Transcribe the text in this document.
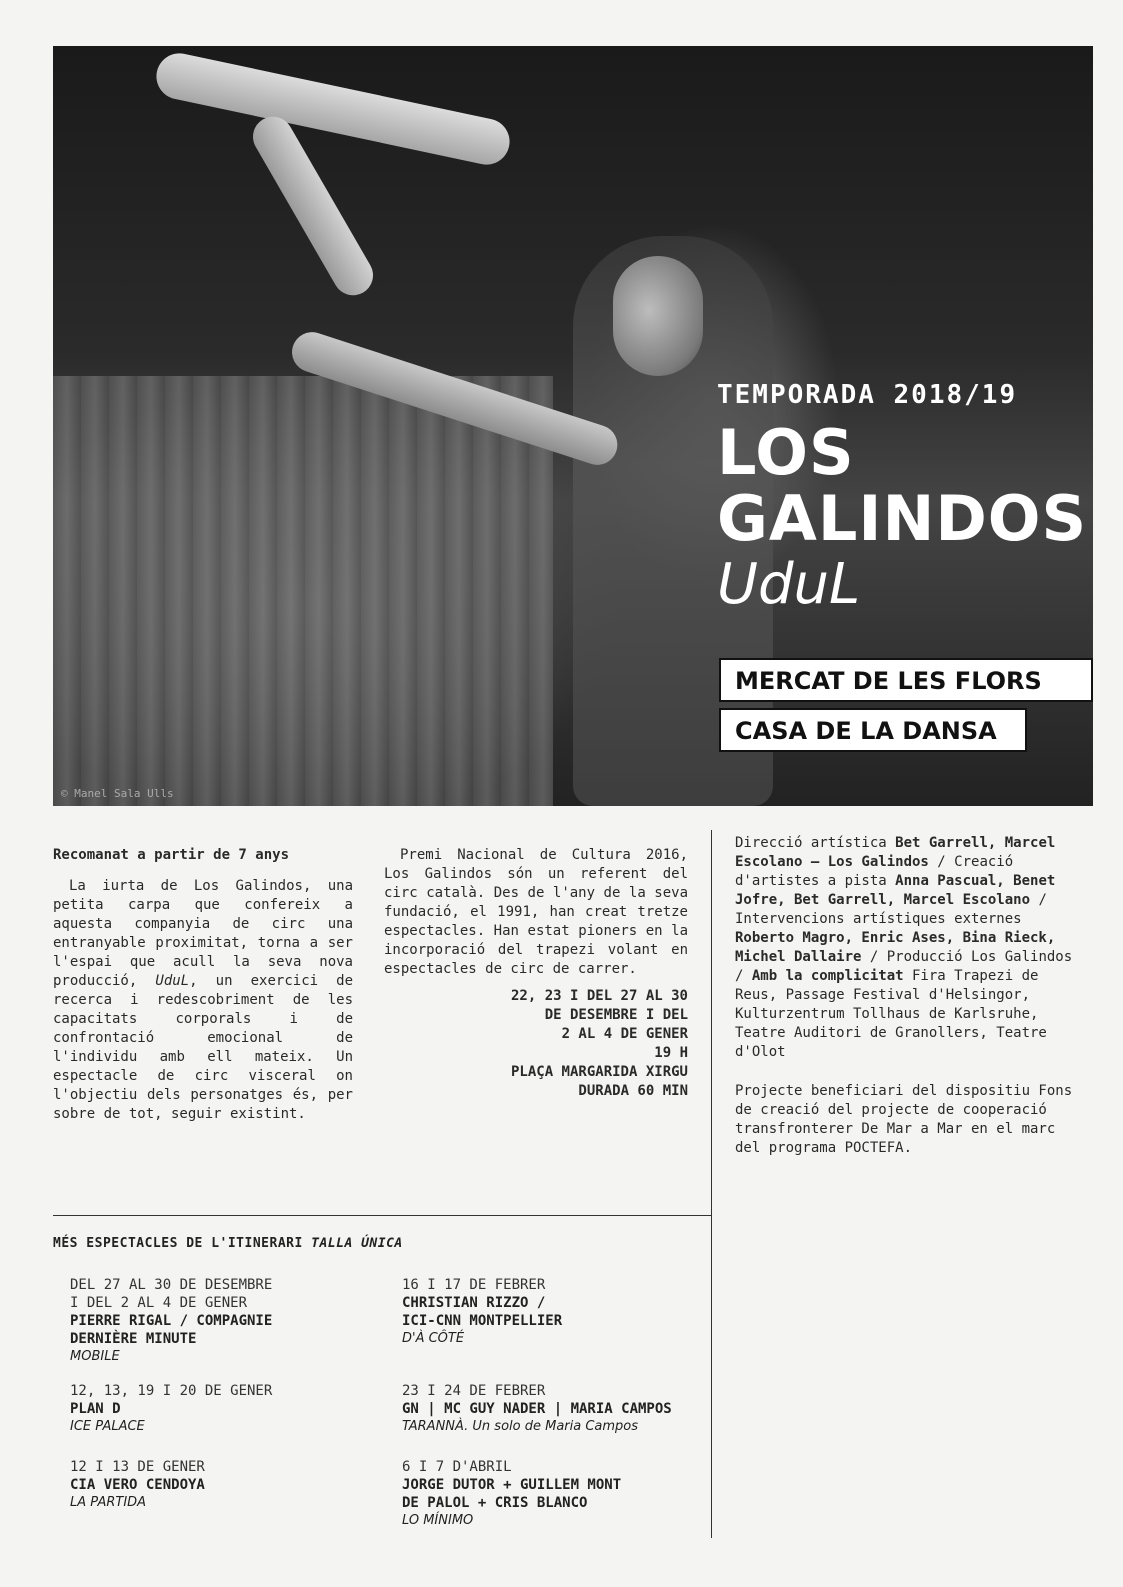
© Manel Sala Ulls
TEMPORADA 2018/19
LOS
GALINDOS
UduL
MERCAT DE LES FLORS
CASA DE LA DANSA
Recomanat a partir de 7 anys

La iurta de Los Galindos, una petita carpa que confereix a aquesta companyia de circ una entranyable proximitat, torna a ser l'espai que acull la seva nova producció, UduL, un exercici de recerca i redescobriment de les capacitats corporals i de confrontació emocional de l'individu amb ell mateix. Un espectacle de circ visceral on l'objectiu dels personatges és, per sobre de tot, seguir existint.

Premi Nacional de Cultura 2016, Los Galindos són un referent del circ català. Des de l'any de la seva fundació, el 1991, han creat tretze espectacles. Han estat pioners en la incorporació del trapezi volant en espectacles de circ de carrer.

22, 23 I DEL 27 AL 30
DE DESEMBRE I DEL
2 AL 4 DE GENER
19 H
PLAÇA MARGARIDA XIRGU
DURADA 60 MIN

Direcció artística Bet Garrell, Marcel Escolano – Los Galindos / Creació d'artistes a pista Anna Pascual, Benet Jofre, Bet Garrell, Marcel Escolano / Intervencions artístiques externes Roberto Magro, Enric Ases, Bina Rieck, Michel Dallaire / Producció Los Galindos / Amb la complicitat Fira Trapezi de Reus, Passage Festival d'Helsingor, Kulturzentrum Tollhaus de Karlsruhe, Teatre Auditori de Granollers, Teatre d'Olot

Projecte beneficiari del dispositiu Fons de creació del projecte de cooperació transfronterer De Mar a Mar en el marc del programa POCTEFA.

MÉS ESPECTACLES DE L'ITINERARI TALLA ÚNICA
DEL 27 AL 30 DE DESEMBRE
I DEL 2 AL 4 DE GENER
PIERRE RIGAL / COMPAGNIE
DERNIÈRE MINUTE
MOBILE
12, 13, 19 I 20 DE GENER
PLAN D
ICE PALACE
12 I 13 DE GENER
CIA VERO CENDOYA
LA PARTIDA
16 I 17 DE FEBRER
CHRISTIAN RIZZO /
ICI-CNN MONTPELLIER
D'À CÔTÉ
23 I 24 DE FEBRER
GN | MC GUY NADER | MARIA CAMPOS
TARANNÀ. Un solo de Maria Campos
6 I 7 D'ABRIL
JORGE DUTOR + GUILLEM MONT
DE PALOL + CRIS BLANCO
LO MÍNIMO
